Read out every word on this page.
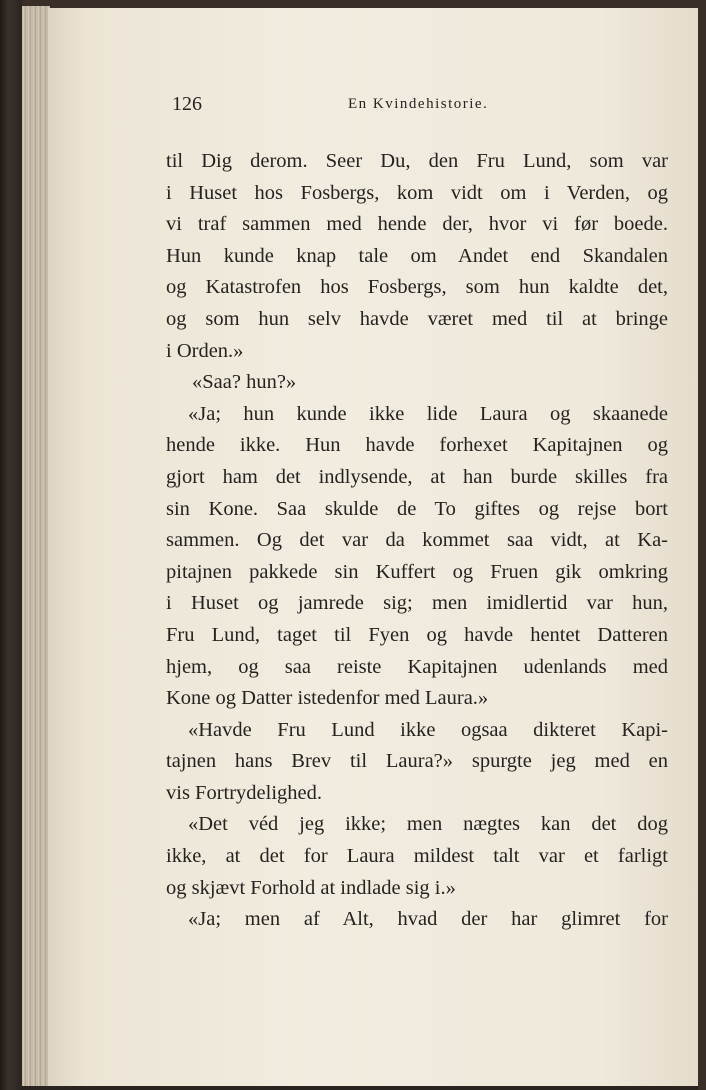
126	En Kvindehistorie.
til Dig derom. Seer Du, den Fru Lund, som var
i Huset hos Fosbergs, kom vidt om i Verden, og
vi traf sammen med hende der, hvor vi før boede.
Hun kunde knap tale om Andet end Skandalen
og Katastrofen hos Fosbergs, som hun kaldte det,
og som hun selv havde været med til at bringe
i Orden.»
«Saa? hun?»
«Ja; hun kunde ikke lide Laura og skaanede
hende ikke. Hun havde forhexet Kapitajnen og
gjort ham det indlysende, at han burde skilles fra
sin Kone. Saa skulde de To giftes og rejse bort
sammen. Og det var da kommet saa vidt, at Ka-
pitajnen pakkede sin Kuffert og Fruen gik omkring
i Huset og jamrede sig; men imidlertid var hun,
Fru Lund, taget til Fyen og havde hentet Datteren
hjem, og saa reiste Kapitajnen udenlands med
Kone og Datter istedenfor med Laura.»
«Havde Fru Lund ikke ogsaa dikteret Kapi-
tajnen hans Brev til Laura?» spurgte jeg med en
vis Fortrydelighed.
«Det véd jeg ikke; men nægtes kan det dog
ikke, at det for Laura mildest talt var et farligt
og skjævt Forhold at indlade sig i.»
«Ja; men af Alt, hvad der har glimret for
